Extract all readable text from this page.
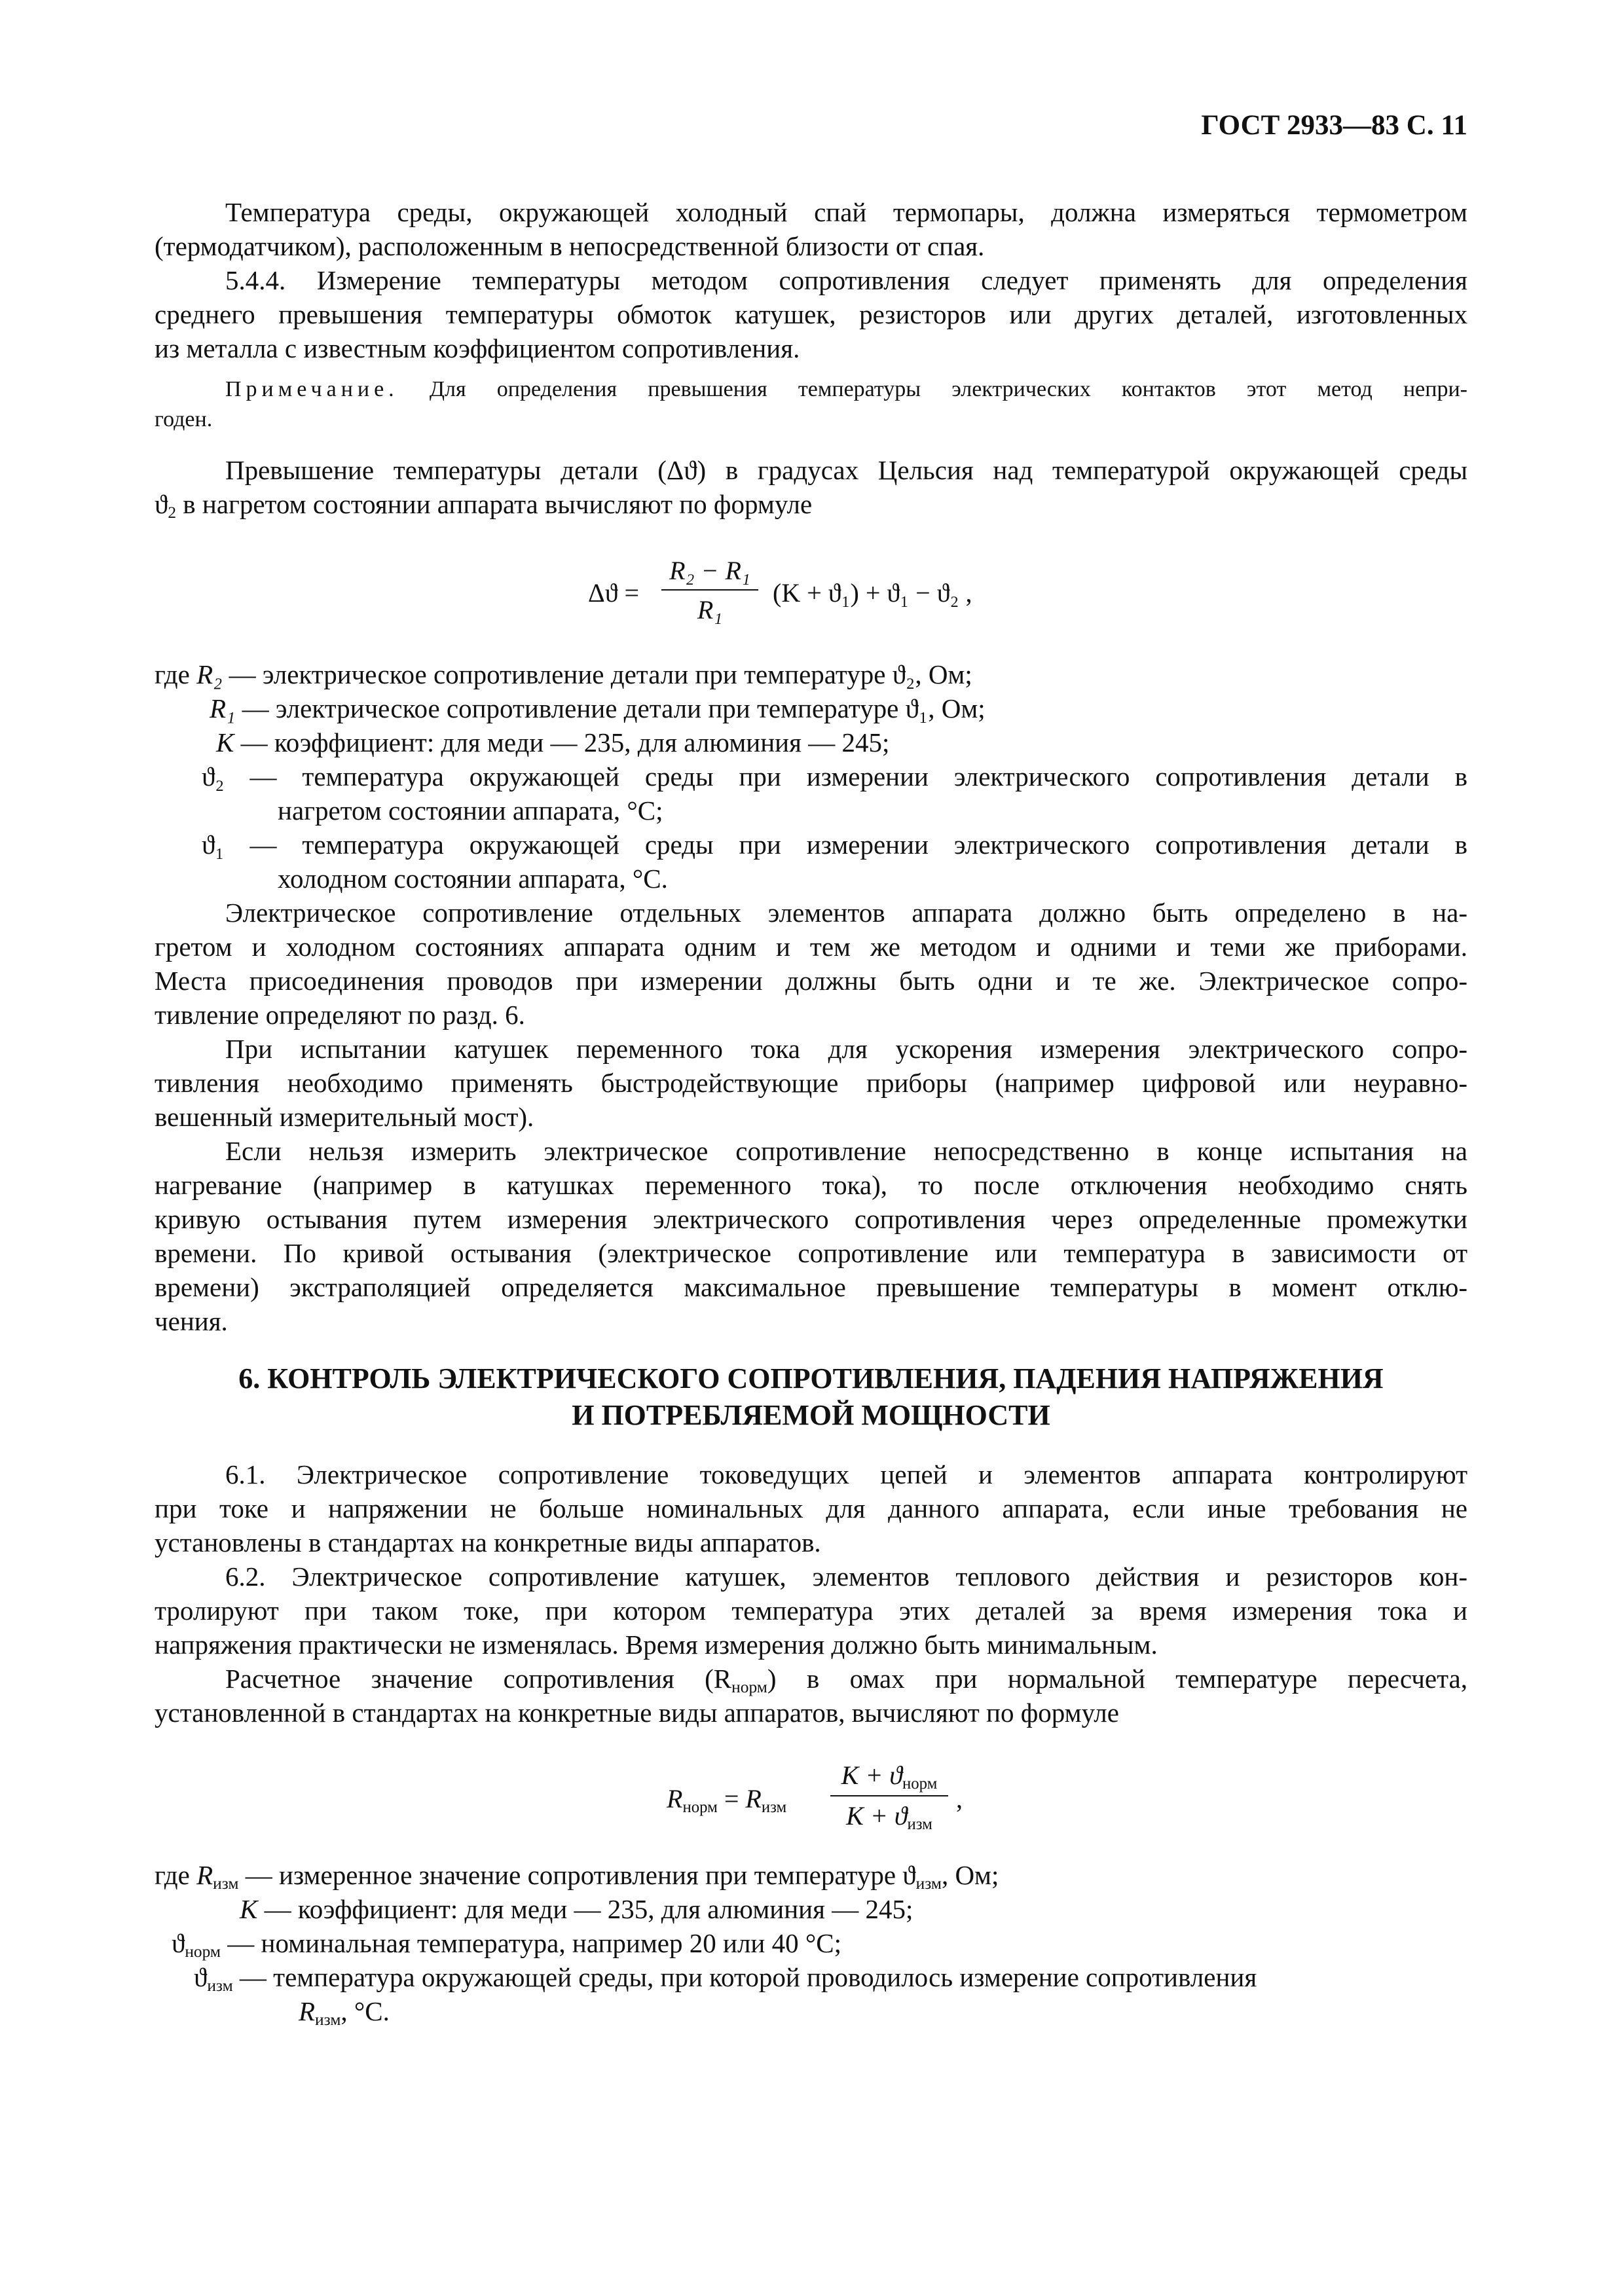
ГОСТ 2933—83 С. 11
Температура среды, окружающей холодный спай термопары, должна измеряться термометром
(термодатчиком), расположенным в непосредственной близости от спая.
5.4.4. Измерение температуры методом сопротивления следует применять для определения
среднего превышения температуры обмоток катушек, резисторов или других деталей, изготовленных
из металла с известным коэффициентом сопротивления.
Примечание. Для определения превышения температуры электрических контактов этот метод непри-
годен.
Превышение температуры детали (Δϑ) в градусах Цельсия над температурой окружающей среды
$ϑ_2$ в нагретом состоянии аппарата вычисляют по формуле
Δϑ =
R₂ − R₁
R₁
(K + ϑ₁) + ϑ₁ − ϑ₂ ,
где R₂ — электрическое сопротивление детали при температуре ϑ₂, Ом;
R₁ — электрическое сопротивление детали при температуре ϑ₁, Ом;
K — коэффициент: для меди — 235, для алюминия — 245;
ϑ₂ — температура окружающей среды при измерении электрического сопротивления детали в
нагретом состоянии аппарата, °С;
ϑ₁ — температура окружающей среды при измерении электрического сопротивления детали в
холодном состоянии аппарата, °С.
Электрическое сопротивление отдельных элементов аппарата должно быть определено в на-
гретом и холодном состояниях аппарата одним и тем же методом и одними и теми же приборами.
Места присоединения проводов при измерении должны быть одни и те же. Электрическое сопро-
тивление определяют по разд. 6.
При испытании катушек переменного тока для ускорения измерения электрического сопро-
тивления необходимо применять быстродействующие приборы (например цифровой или неуравно-
вешенный измерительный мост).
Если нельзя измерить электрическое сопротивление непосредственно в конце испытания на
нагревание (например в катушках переменного тока), то после отключения необходимо снять
кривую остывания путем измерения электрического сопротивления через определенные промежутки
времени. По кривой остывания (электрическое сопротивление или температура в зависимости от
времени) экстраполяцией определяется максимальное превышение температуры в момент отклю-
чения.
6. КОНТРОЛЬ ЭЛЕКТРИЧЕСКОГО СОПРОТИВЛЕНИЯ, ПАДЕНИЯ НАПРЯЖЕНИЯ
И ПОТРЕБЛЯЕМОЙ МОЩНОСТИ
6.1. Электрическое сопротивление токоведущих цепей и элементов аппарата контролируют
при токе и напряжении не больше номинальных для данного аппарата, если иные требования не
установлены в стандартах на конкретные виды аппаратов.
6.2. Электрическое сопротивление катушек, элементов теплового действия и резисторов кон-
тролируют при таком токе, при котором температура этих деталей за время измерения тока и
напряжения практически не изменялась. Время измерения должно быть минимальным.
Расчетное значение сопротивления $(R_{норм})$ в омах при нормальной температуре пересчета,
установленной в стандартах на конкретные виды аппаратов, вычисляют по формуле
$R_{норм} = R_{изм}$
$K + ϑ_{норм}$
$K + ϑ_{изм}$
,
где $R_{изм}$ — измеренное значение сопротивления при температуре $ϑ_{изм}$, Ом;
K — коэффициент: для меди — 235, для алюминия — 245;
$ϑ_{норм}$ — номинальная температура, например 20 или 40 °С;
$ϑ_{изм}$ — температура окружающей среды, при которой проводилось измерение сопротивления
$R_{изм}$, °С.
